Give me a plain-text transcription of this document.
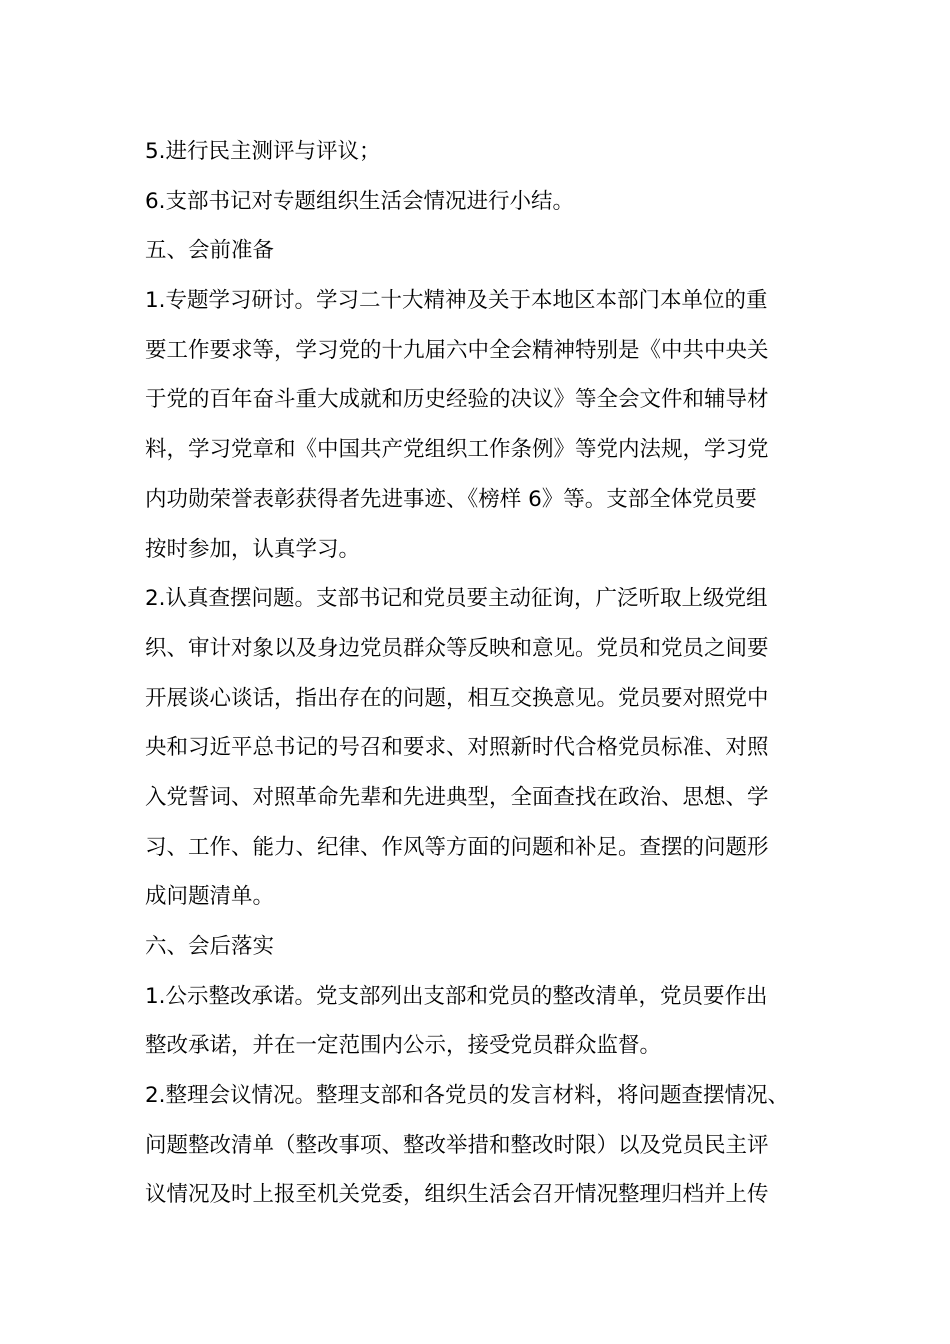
5.进行民主测评与评议；
6.支部书记对专题组织生活会情况进行小结。
五、会前准备
1.专题学习研讨。学习二十大精神及关于本地区本部门本单位的重
要工作要求等，学习党的十九届六中全会精神特别是《中共中央关
于党的百年奋斗重大成就和历史经验的决议》等全会文件和辅导材
料，学习党章和《中国共产党组织工作条例》等党内法规，学习党
内功勋荣誉表彰获得者先进事迹、《榜样 6》等。支部全体党员要
按时参加，认真学习。
2.认真查摆问题。支部书记和党员要主动征询，广泛听取上级党组
织、审计对象以及身边党员群众等反映和意见。党员和党员之间要
开展谈心谈话，指出存在的问题，相互交换意见。党员要对照党中
央和习近平总书记的号召和要求、对照新时代合格党员标准、对照
入党誓词、对照革命先辈和先进典型，全面查找在政治、思想、学
习、工作、能力、纪律、作风等方面的问题和补足。查摆的问题形
成问题清单。
六、会后落实
1.公示整改承诺。党支部列出支部和党员的整改清单，党员要作出
整改承诺，并在一定范围内公示，接受党员群众监督。
2.整理会议情况。整理支部和各党员的发言材料，将问题查摆情况、
问题整改清单（整改事项、整改举措和整改时限）以及党员民主评
议情况及时上报至机关党委，组织生活会召开情况整理归档并上传
